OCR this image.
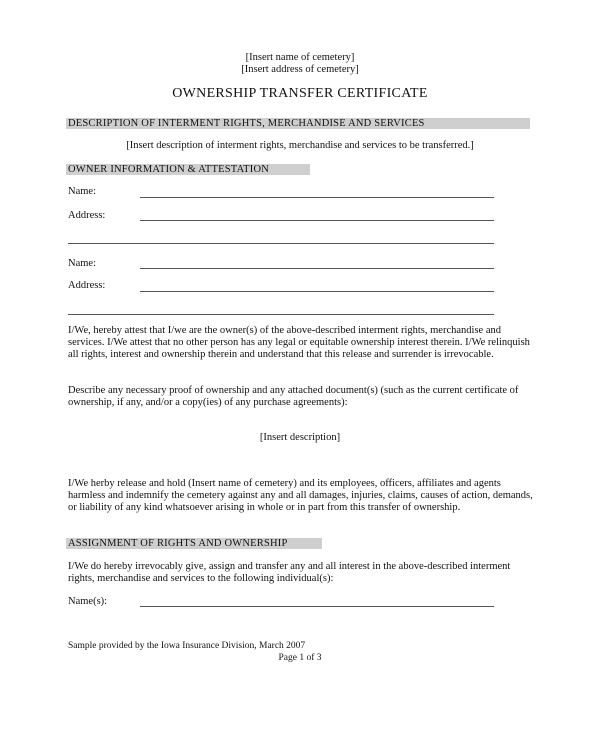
[Insert name of cemetery]
[Insert address of cemetery]
OWNERSHIP TRANSFER CERTIFICATE
DESCRIPTION OF INTERMENT RIGHTS, MERCHANDISE AND SERVICES
[Insert description of interment rights, merchandise and services to be transferred.]
OWNER INFORMATION & ATTESTATION
Name:
Address:
Name:
Address:

I/We, hereby attest that I/we are the owner(s) of the above-described interment rights, merchandise and services. I/We attest that no other person has any legal or equitable ownership interest therein. I/We relinquish all rights, interest and ownership therein and understand that this release and surrender is irrevocable.

Describe any necessary proof of ownership and any attached document(s) (such as the current certificate of ownership, if any, and/or a copy(ies) of any purchase agreements):

[Insert description]

I/We herby release and hold (Insert name of cemetery) and its employees, officers, affiliates and agents harmless and indemnify the cemetery against any and all damages, injuries, claims, causes of action, demands, or liability of any kind whatsoever arising in whole or in part from this transfer of ownership.

ASSIGNMENT OF RIGHTS AND OWNERSHIP

I/We do hereby irrevocably give, assign and transfer any and all interest in the above-described interment rights, merchandise and services to the following individual(s):

Name(s):
Sample provided by the Iowa Insurance Division, March 2007
Page 1 of 3
